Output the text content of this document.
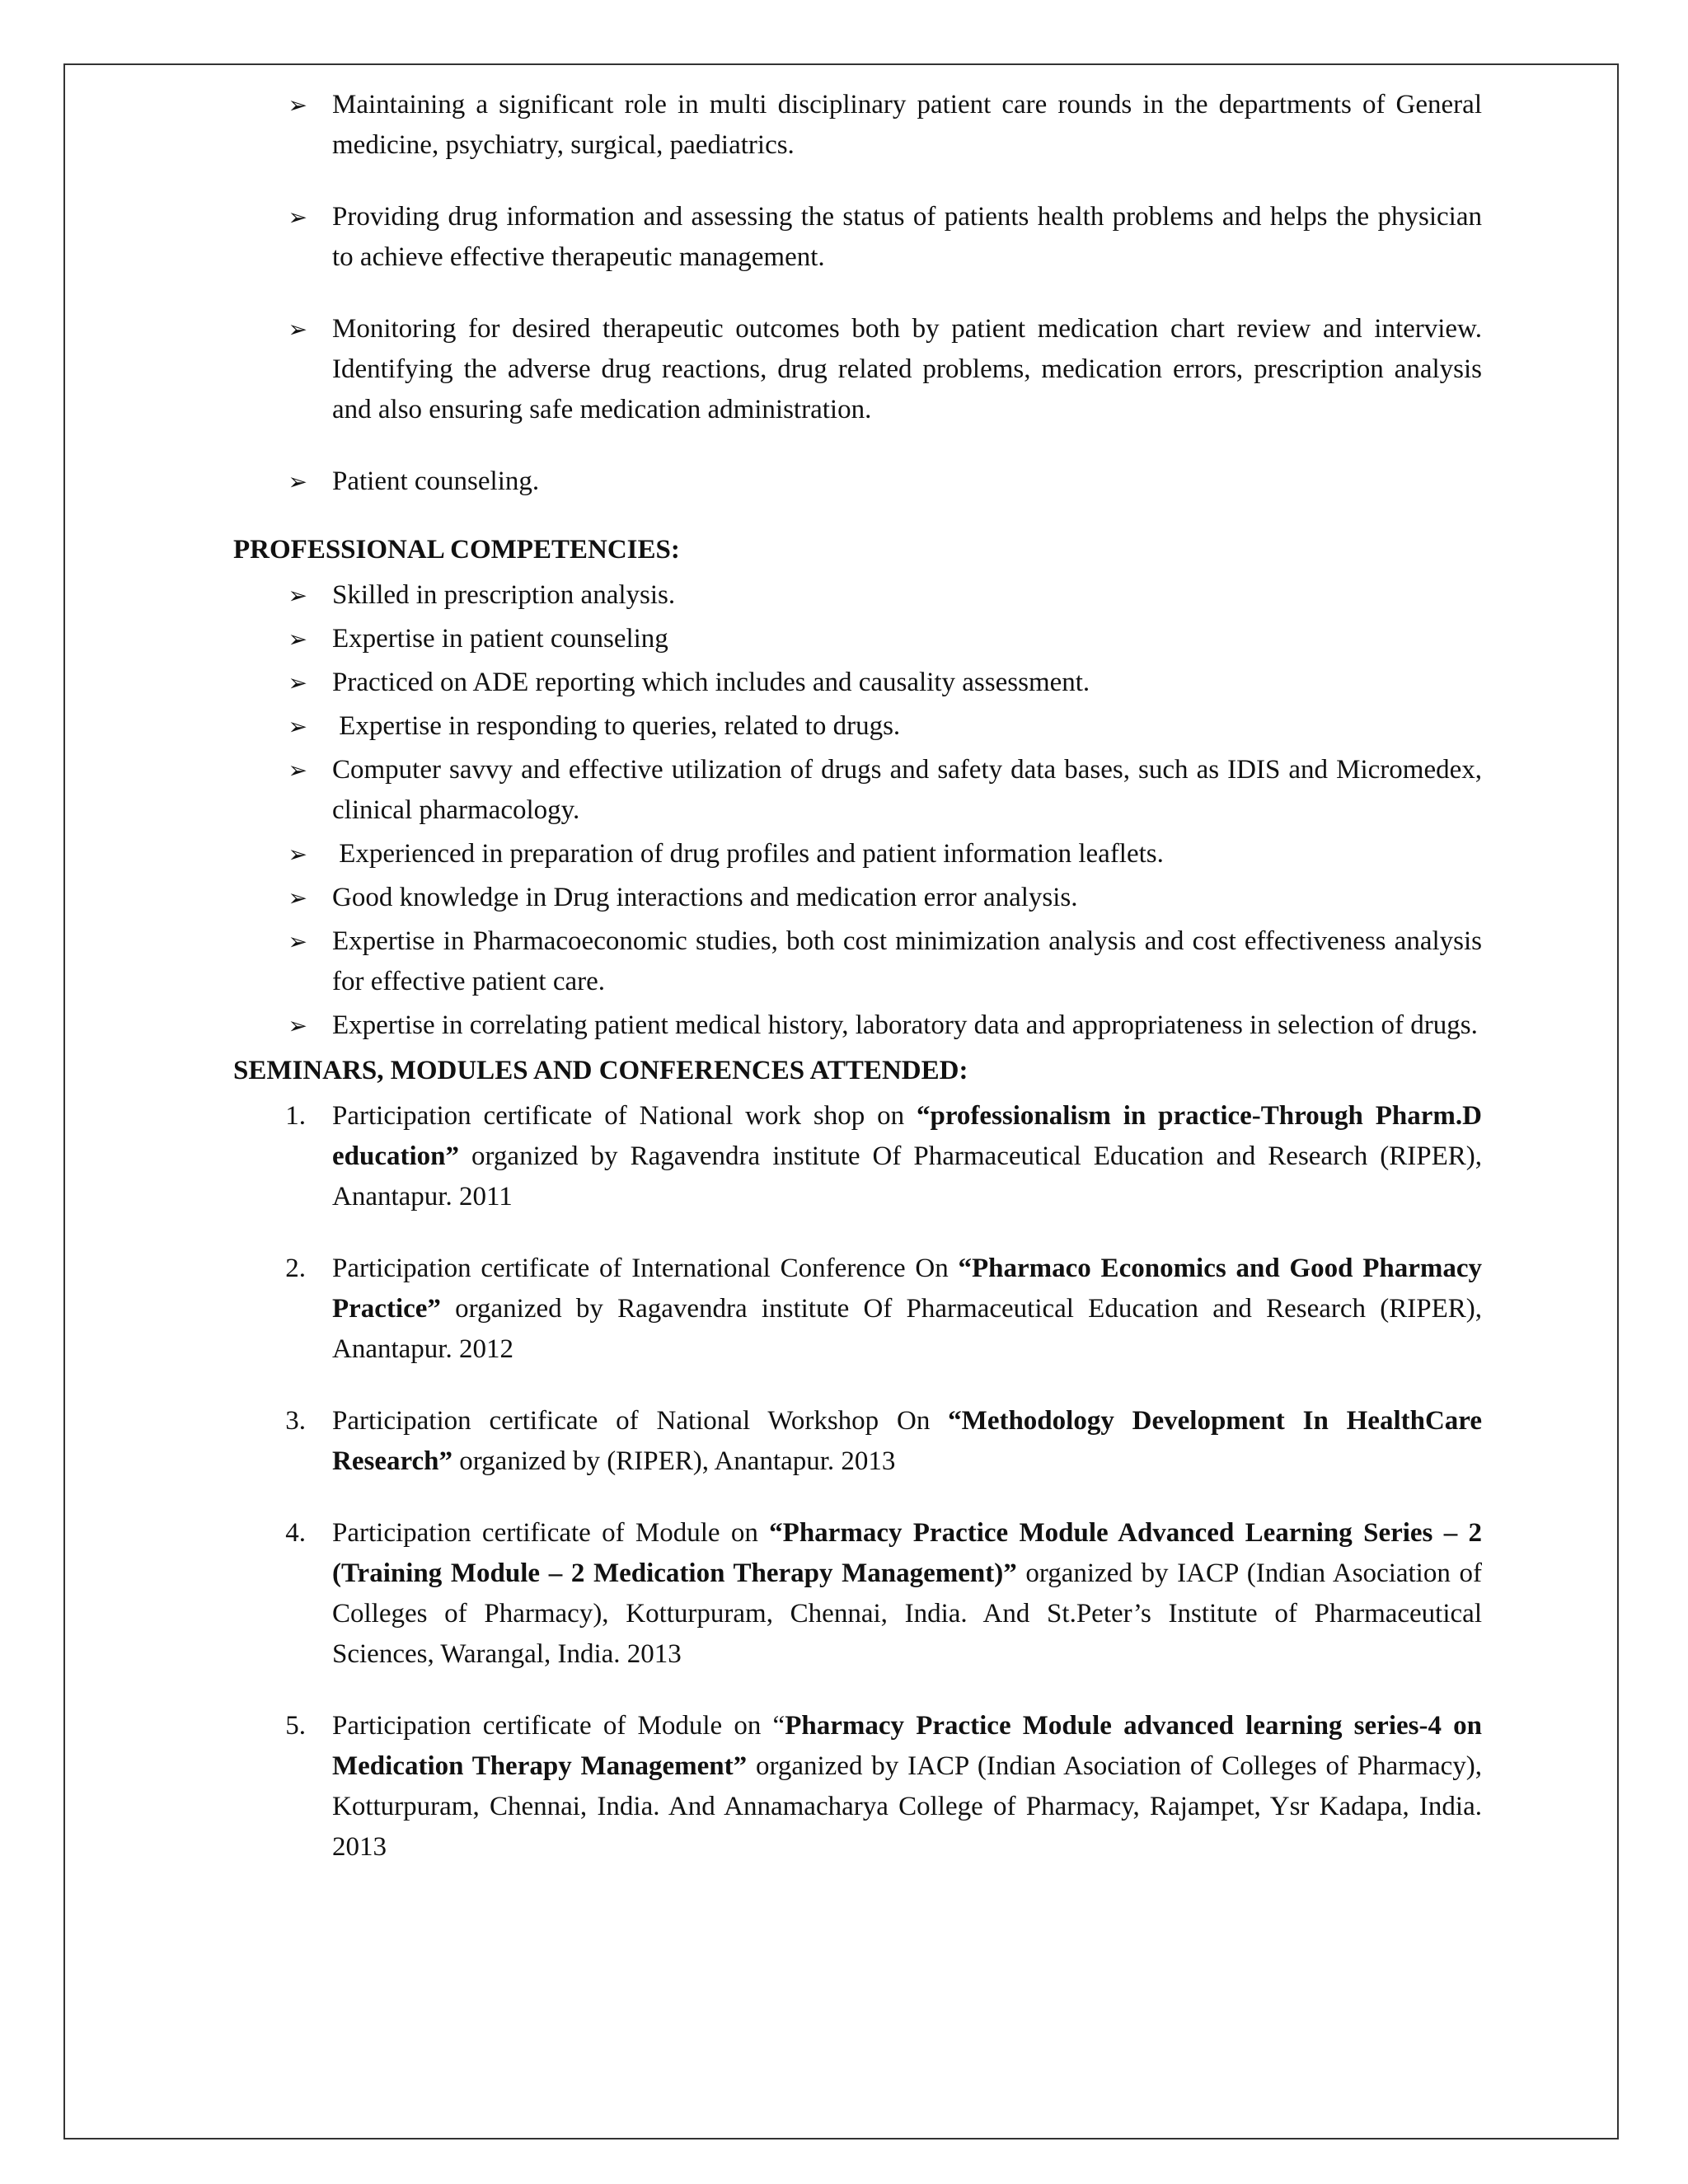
➢ Maintaining a significant role in multi disciplinary patient care rounds in the departments of General medicine, psychiatry, surgical, paediatrics.
➢ Providing drug information and assessing the status of patients health problems and helps the physician to achieve effective therapeutic management.
➢ Monitoring for desired therapeutic outcomes both by patient medication chart review and interview. Identifying the adverse drug reactions, drug related problems, medication errors, prescription analysis and also ensuring safe medication administration.
➢ Patient counseling.
PROFESSIONAL COMPETENCIES:
➢ Skilled in prescription analysis.
➢ Expertise in patient counseling
➢ Practiced on ADE reporting which includes and causality assessment.
➢ Expertise in responding to queries, related to drugs.
➢ Computer savvy and effective utilization of drugs and safety data bases, such as IDIS and Micromedex, clinical pharmacology.
➢ Experienced in preparation of drug profiles and patient information leaflets.
➢ Good knowledge in Drug interactions and medication error analysis.
➢ Expertise in Pharmacoeconomic studies, both cost minimization analysis and cost effectiveness analysis for effective patient care.
➢ Expertise in correlating patient medical history, laboratory data and appropriateness in selection of drugs.
SEMINARS, MODULES AND CONFERENCES ATTENDED:
1. Participation certificate of National work shop on “professionalism in practice-Through Pharm.D education” organized by Ragavendra institute Of Pharmaceutical Education and Research (RIPER), Anantapur. 2011
2. Participation certificate of International Conference On “Pharmaco Economics and Good Pharmacy Practice” organized by Ragavendra institute Of Pharmaceutical Education and Research (RIPER), Anantapur. 2012
3. Participation certificate of National Workshop On “Methodology Development In HealthCare Research” organized by (RIPER), Anantapur. 2013
4. Participation certificate of Module on “Pharmacy Practice Module Advanced Learning Series – 2 (Training Module – 2 Medication Therapy Management)” organized by IACP (Indian Asociation of Colleges of Pharmacy), Kotturpuram, Chennai, India. And St.Peter’s Institute of Pharmaceutical Sciences, Warangal, India. 2013
5. Participation certificate of Module on “Pharmacy Practice Module advanced learning series-4 on Medication Therapy Management” organized by IACP (Indian Asociation of Colleges of Pharmacy), Kotturpuram, Chennai, India. And Annamacharya College of Pharmacy, Rajampet, Ysr Kadapa, India. 2013
